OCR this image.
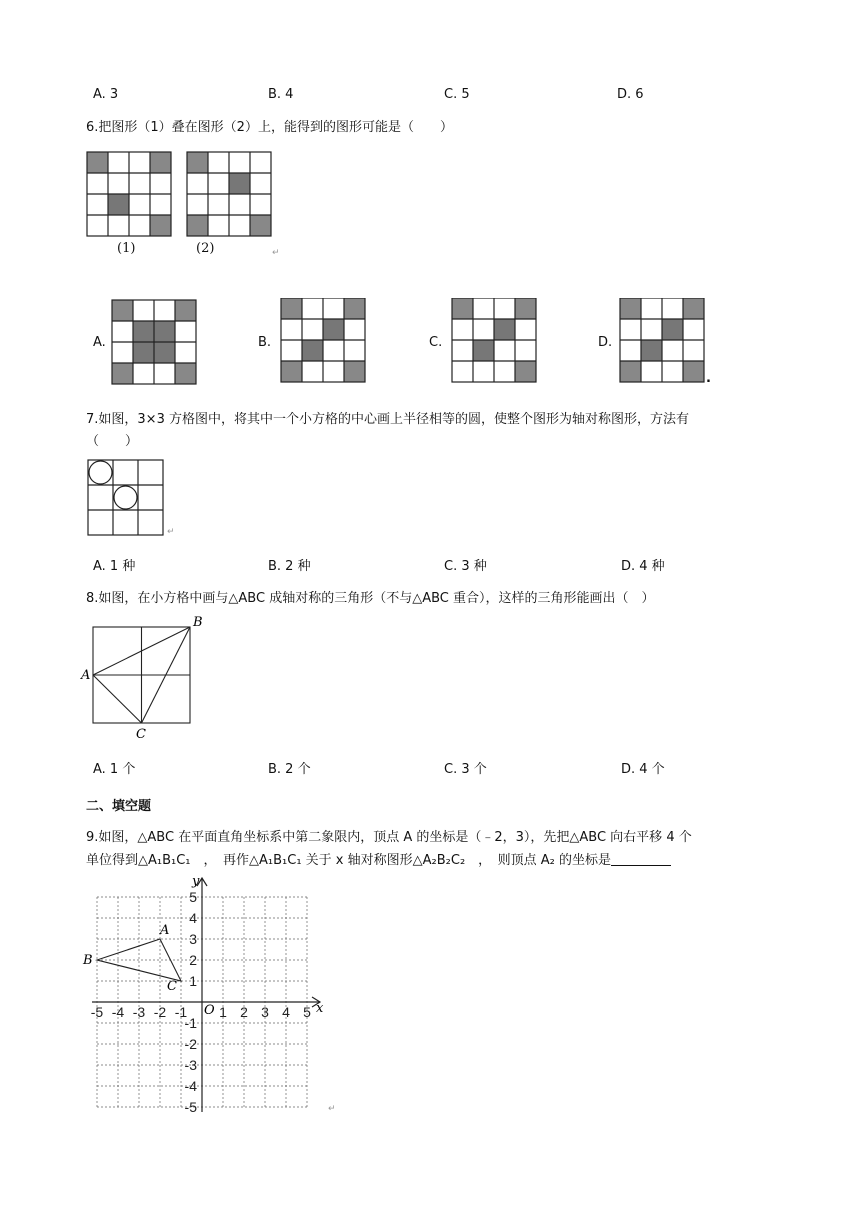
A. 3	B. 4	C. 5	D. 6
6.把图形（1）叠在图形（2）上，能得到的图形可能是（　　）
(1)	(2)	↵
A.	B.	C.	D.
.
7.如图，3×3 方格图中，将其中一个小方格的中心画上半径相等的圆，使整个图形为轴对称图形，方法有
（　　）
↵
A. 1 种	B. 2 种	C. 3 种	D. 4 种
8.如图，在小方格中画与△ABC 成轴对称的三角形（不与△ABC 重合），这样的三角形能画出（　）
A
B
C
A. 1 个	B. 2 个	C. 3 个	D. 4 个
二、填空题
9.如图，△ABC 在平面直角坐标系中第二象限内，顶点 A 的坐标是（﹣2，3），先把△ABC 向右平移 4 个
单位得到△A₁B₁C₁　，　再作△A₁B₁C₁ 关于 x 轴对称图形△A₂B₂C₂　，　则顶点 A₂ 的坐标是
A
B
C
x
y
O
-5 -4 -3 -2 -1 1 2 3 4 5
5
4
3
2
1
-1
-2
-3
-4
-5	↵
